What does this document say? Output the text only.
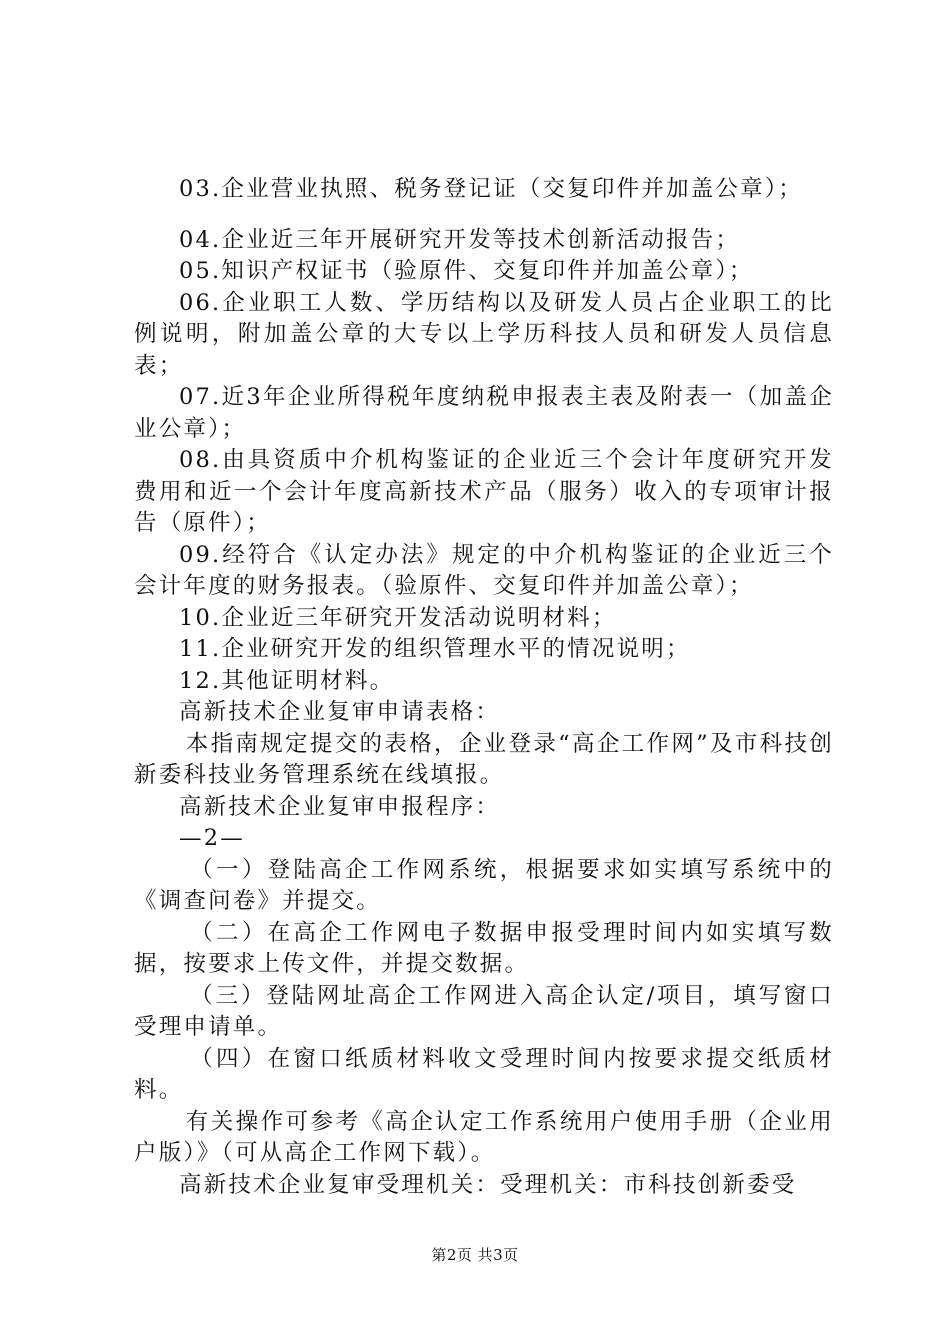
03.企业营业执照、税务登记证（交复印件并加盖公章）；

04.企业近三年开展研究开发等技术创新活动报告；

05.知识产权证书（验原件、交复印件并加盖公章）；

06.企业职工人数、学历结构以及研发人员占企业职工的比例说明，附加盖公章的大专以上学历科技人员和研发人员信息表；

07.近3年企业所得税年度纳税申报表主表及附表一（加盖企业公章）；

08.由具资质中介机构鉴证的企业近三个会计年度研究开发费用和近一个会计年度高新技术产品（服务）收入的专项审计报告（原件）；

09.经符合《认定办法》规定的中介机构鉴证的企业近三个会计年度的财务报表。（验原件、交复印件并加盖公章）；

10.企业近三年研究开发活动说明材料；

11.企业研究开发的组织管理水平的情况说明；

12.其他证明材料。

高新技术企业复审申请表格：

本指南规定提交的表格，企业登录“高企工作网”及市科技创新委科技业务管理系统在线填报。

高新技术企业复审申报程序：

—2—

（一）登陆高企工作网系统，根据要求如实填写系统中的《调查问卷》并提交。

（二）在高企工作网电子数据申报受理时间内如实填写数据，按要求上传文件，并提交数据。

（三）登陆网址高企工作网进入高企认定/项目，填写窗口受理申请单。

（四）在窗口纸质材料收文受理时间内按要求提交纸质材料。

有关操作可参考《高企认定工作系统用户使用手册（企业用户版）》（可从高企工作网下载）。

高新技术企业复审受理机关：受理机关：市科技创新委受

第2页 共3页
